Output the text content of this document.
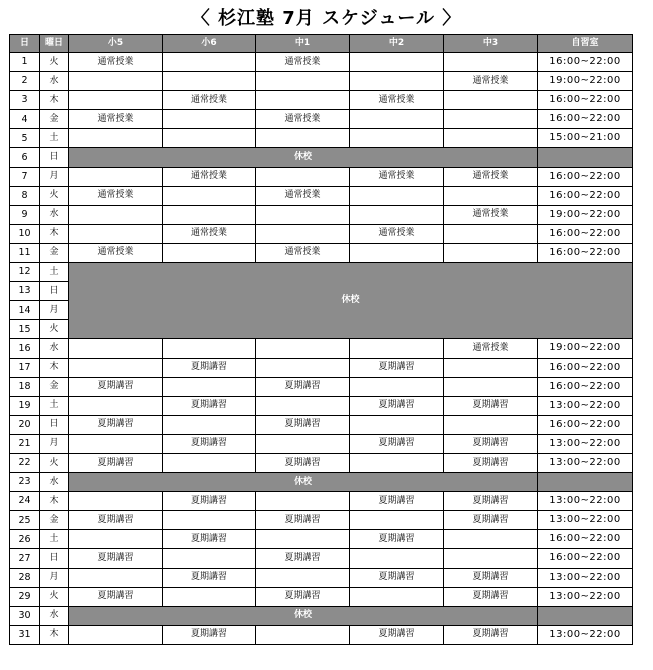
〈 杉江塾 7月 スケジュール 〉
日	曜日	小5	小6	中1	中2	中3	自習室
1	火	通常授業		通常授業			16:00~22:00
2	水					通常授業	19:00~22:00
3	木		通常授業		通常授業		16:00~22:00
4	金	通常授業		通常授業			16:00~22:00
5	土						15:00~21:00
6	日	休校					
7	月		通常授業		通常授業	通常授業	16:00~22:00
8	火	通常授業		通常授業			16:00~22:00
9	水					通常授業	19:00~22:00
10	木		通常授業		通常授業		16:00~22:00
11	金	通常授業		通常授業			16:00~22:00
12	土	休校					
13	日						
14	月						
15	火						
16	水					通常授業	19:00~22:00
17	木		夏期講習		夏期講習		16:00~22:00
18	金	夏期講習		夏期講習			16:00~22:00
19	土		夏期講習		夏期講習	夏期講習	13:00~22:00
20	日	夏期講習		夏期講習			16:00~22:00
21	月		夏期講習		夏期講習	夏期講習	13:00~22:00
22	火	夏期講習		夏期講習		夏期講習	13:00~22:00
23	水	休校					
24	木		夏期講習		夏期講習	夏期講習	13:00~22:00
25	金	夏期講習		夏期講習		夏期講習	13:00~22:00
26	土		夏期講習		夏期講習		16:00~22:00
27	日	夏期講習		夏期講習			16:00~22:00
28	月		夏期講習		夏期講習	夏期講習	13:00~22:00
29	火	夏期講習		夏期講習		夏期講習	13:00~22:00
30	水	休校					
31	木		夏期講習		夏期講習	夏期講習	13:00~22:00
